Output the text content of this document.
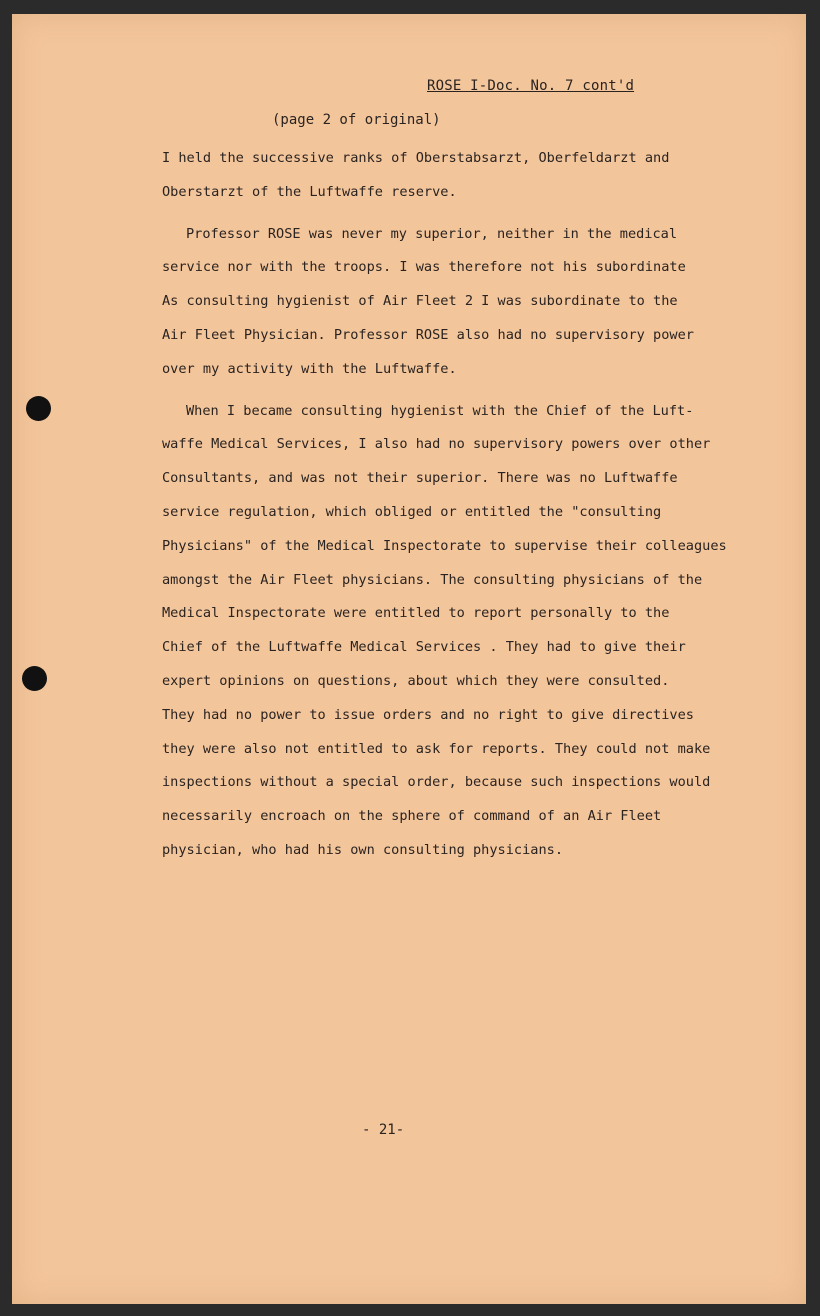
ROSE I-Doc. No. 7 cont'd
(page 2 of original)

I held the successive ranks of Oberstabsarzt, Oberfeldarzt and
Oberstarzt of the Luftwaffe reserve.

Professor ROSE was never my superior, neither in the medical
service nor with the troops. I was therefore not his subordinate
As consulting hygienist of Air Fleet 2 I was subordinate to the
Air Fleet Physician. Professor ROSE also had no supervisory power
over my activity with the Luftwaffe.

When I became consulting hygienist with the Chief of the Luft-
waffe Medical Services, I also had no supervisory powers over other
Consultants, and was not their superior. There was no Luftwaffe
service regulation, which obliged or entitled the "consulting
Physicians" of the Medical Inspectorate to supervise their colleagues
amongst the Air Fleet physicians. The consulting physicians of the
Medical Inspectorate were entitled to report personally to the
Chief of the Luftwaffe Medical Services . They had to give their
expert opinions on questions, about which they were consulted.
They had no power to issue orders and no right to give directives
they were also not entitled to ask for reports. They could not make
inspections without a special order, because such inspections would
necessarily encroach on the sphere of command of an Air Fleet
physician, who had his own consulting physicians.

- 21-
